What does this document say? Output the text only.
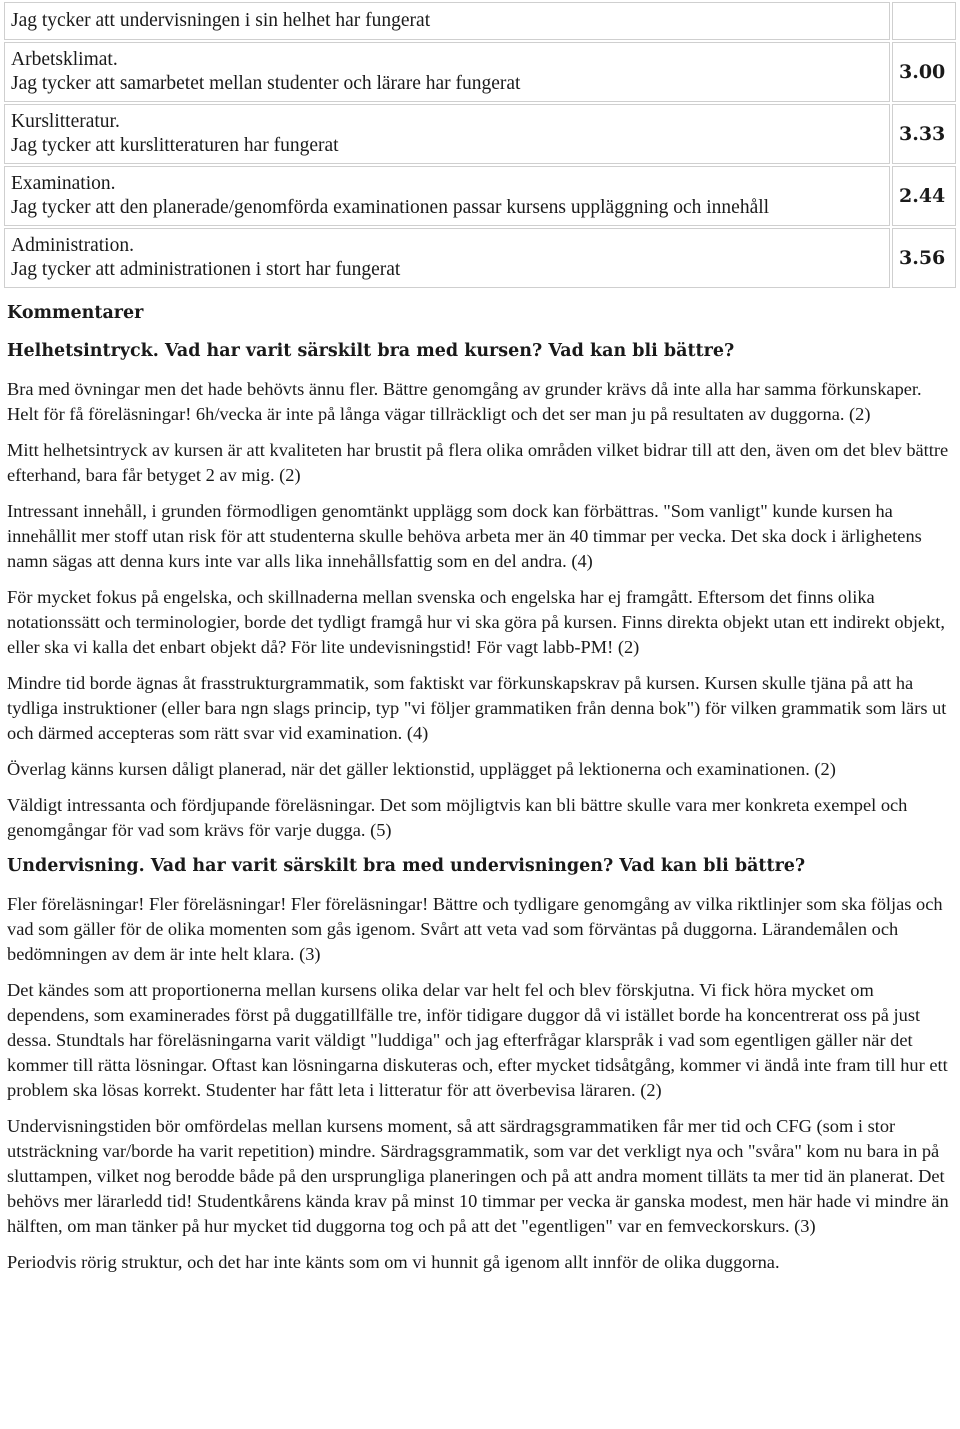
Jag tycker att undervisningen i sin helhet har fungerat	

Arbetsklimat.
Jag tycker att samarbetet mellan studenter och lärare har fungerat	3.00

Kurslitteratur.
Jag tycker att kurslitteraturen har fungerat	3.33

Examination.
Jag tycker att den planerade/genomförda examinationen passar kursens uppläggning och innehåll	2.44

Administration.
Jag tycker att administrationen i stort har fungerat	3.56
Kommentarer
Helhetsintryck. Vad har varit särskilt bra med kursen? Vad kan bli bättre?

Bra med övningar men det hade behövts ännu fler. Bättre genomgång av grunder krävs då inte alla har samma förkunskaper. Helt för få föreläsningar! 6h/vecka är inte på långa vägar tillräckligt och det ser man ju på resultaten av duggorna. (2)

Mitt helhetsintryck av kursen är att kvaliteten har brustit på flera olika områden vilket bidrar till att den, även om det blev bättre efterhand, bara får betyget 2 av mig. (2)

Intressant innehåll, i grunden förmodligen genomtänkt upplägg som dock kan förbättras. "Som vanligt" kunde kursen ha innehållit mer stoff utan risk för att studenterna skulle behöva arbeta mer än 40 timmar per vecka. Det ska dock i ärlighetens namn sägas att denna kurs inte var alls lika innehållsfattig som en del andra. (4)

För mycket fokus på engelska, och skillnaderna mellan svenska och engelska har ej framgått. Eftersom det finns olika notationssätt och terminologier, borde det tydligt framgå hur vi ska göra på kursen. Finns direkta objekt utan ett indirekt objekt, eller ska vi kalla det enbart objekt då? För lite undevisningstid! För vagt labb-PM! (2)

Mindre tid borde ägnas åt frasstrukturgrammatik, som faktiskt var förkunskapskrav på kursen. Kursen skulle tjäna på att ha tydliga instruktioner (eller bara ngn slags princip, typ "vi följer grammatiken från denna bok") för vilken grammatik som lärs ut och därmed accepteras som rätt svar vid examination. (4)

Överlag känns kursen dåligt planerad, när det gäller lektionstid, upplägget på lektionerna och examinationen. (2)

Väldigt intressanta och fördjupande föreläsningar. Det som möjligtvis kan bli bättre skulle vara mer konkreta exempel och genomgångar för vad som krävs för varje dugga. (5)

Undervisning. Vad har varit särskilt bra med undervisningen? Vad kan bli bättre?

Fler föreläsningar! Fler föreläsningar! Fler föreläsningar! Bättre och tydligare genomgång av vilka riktlinjer som ska följas och vad som gäller för de olika momenten som gås igenom. Svårt att veta vad som förväntas på duggorna. Lärandemålen och bedömningen av dem är inte helt klara. (3)

Det kändes som att proportionerna mellan kursens olika delar var helt fel och blev förskjutna. Vi fick höra mycket om dependens, som examinerades först på duggatillfälle tre, inför tidigare duggor då vi istället borde ha koncentrerat oss på just dessa. Stundtals har föreläsningarna varit väldigt "luddiga" och jag efterfrågar klarspråk i vad som egentligen gäller när det kommer till rätta lösningar. Oftast kan lösningarna diskuteras och, efter mycket tidsåtgång, kommer vi ändå inte fram till hur ett problem ska lösas korrekt. Studenter har fått leta i litteratur för att överbevisa läraren. (2)

Undervisningstiden bör omfördelas mellan kursens moment, så att särdragsgrammatiken får mer tid och CFG (som i stor utsträckning var/borde ha varit repetition) mindre. Särdragsgrammatik, som var det verkligt nya och "svåra" kom nu bara in på sluttampen, vilket nog berodde både på den ursprungliga planeringen och på att andra moment tilläts ta mer tid än planerat. Det behövs mer lärarledd tid! Studentkårens kända krav på minst 10 timmar per vecka är ganska modest, men här hade vi mindre än hälften, om man tänker på hur mycket tid duggorna tog och på att det "egentligen" var en femveckorskurs. (3)

Periodvis rörig struktur, och det har inte känts som om vi hunnit gå igenom allt innför de olika duggorna.
